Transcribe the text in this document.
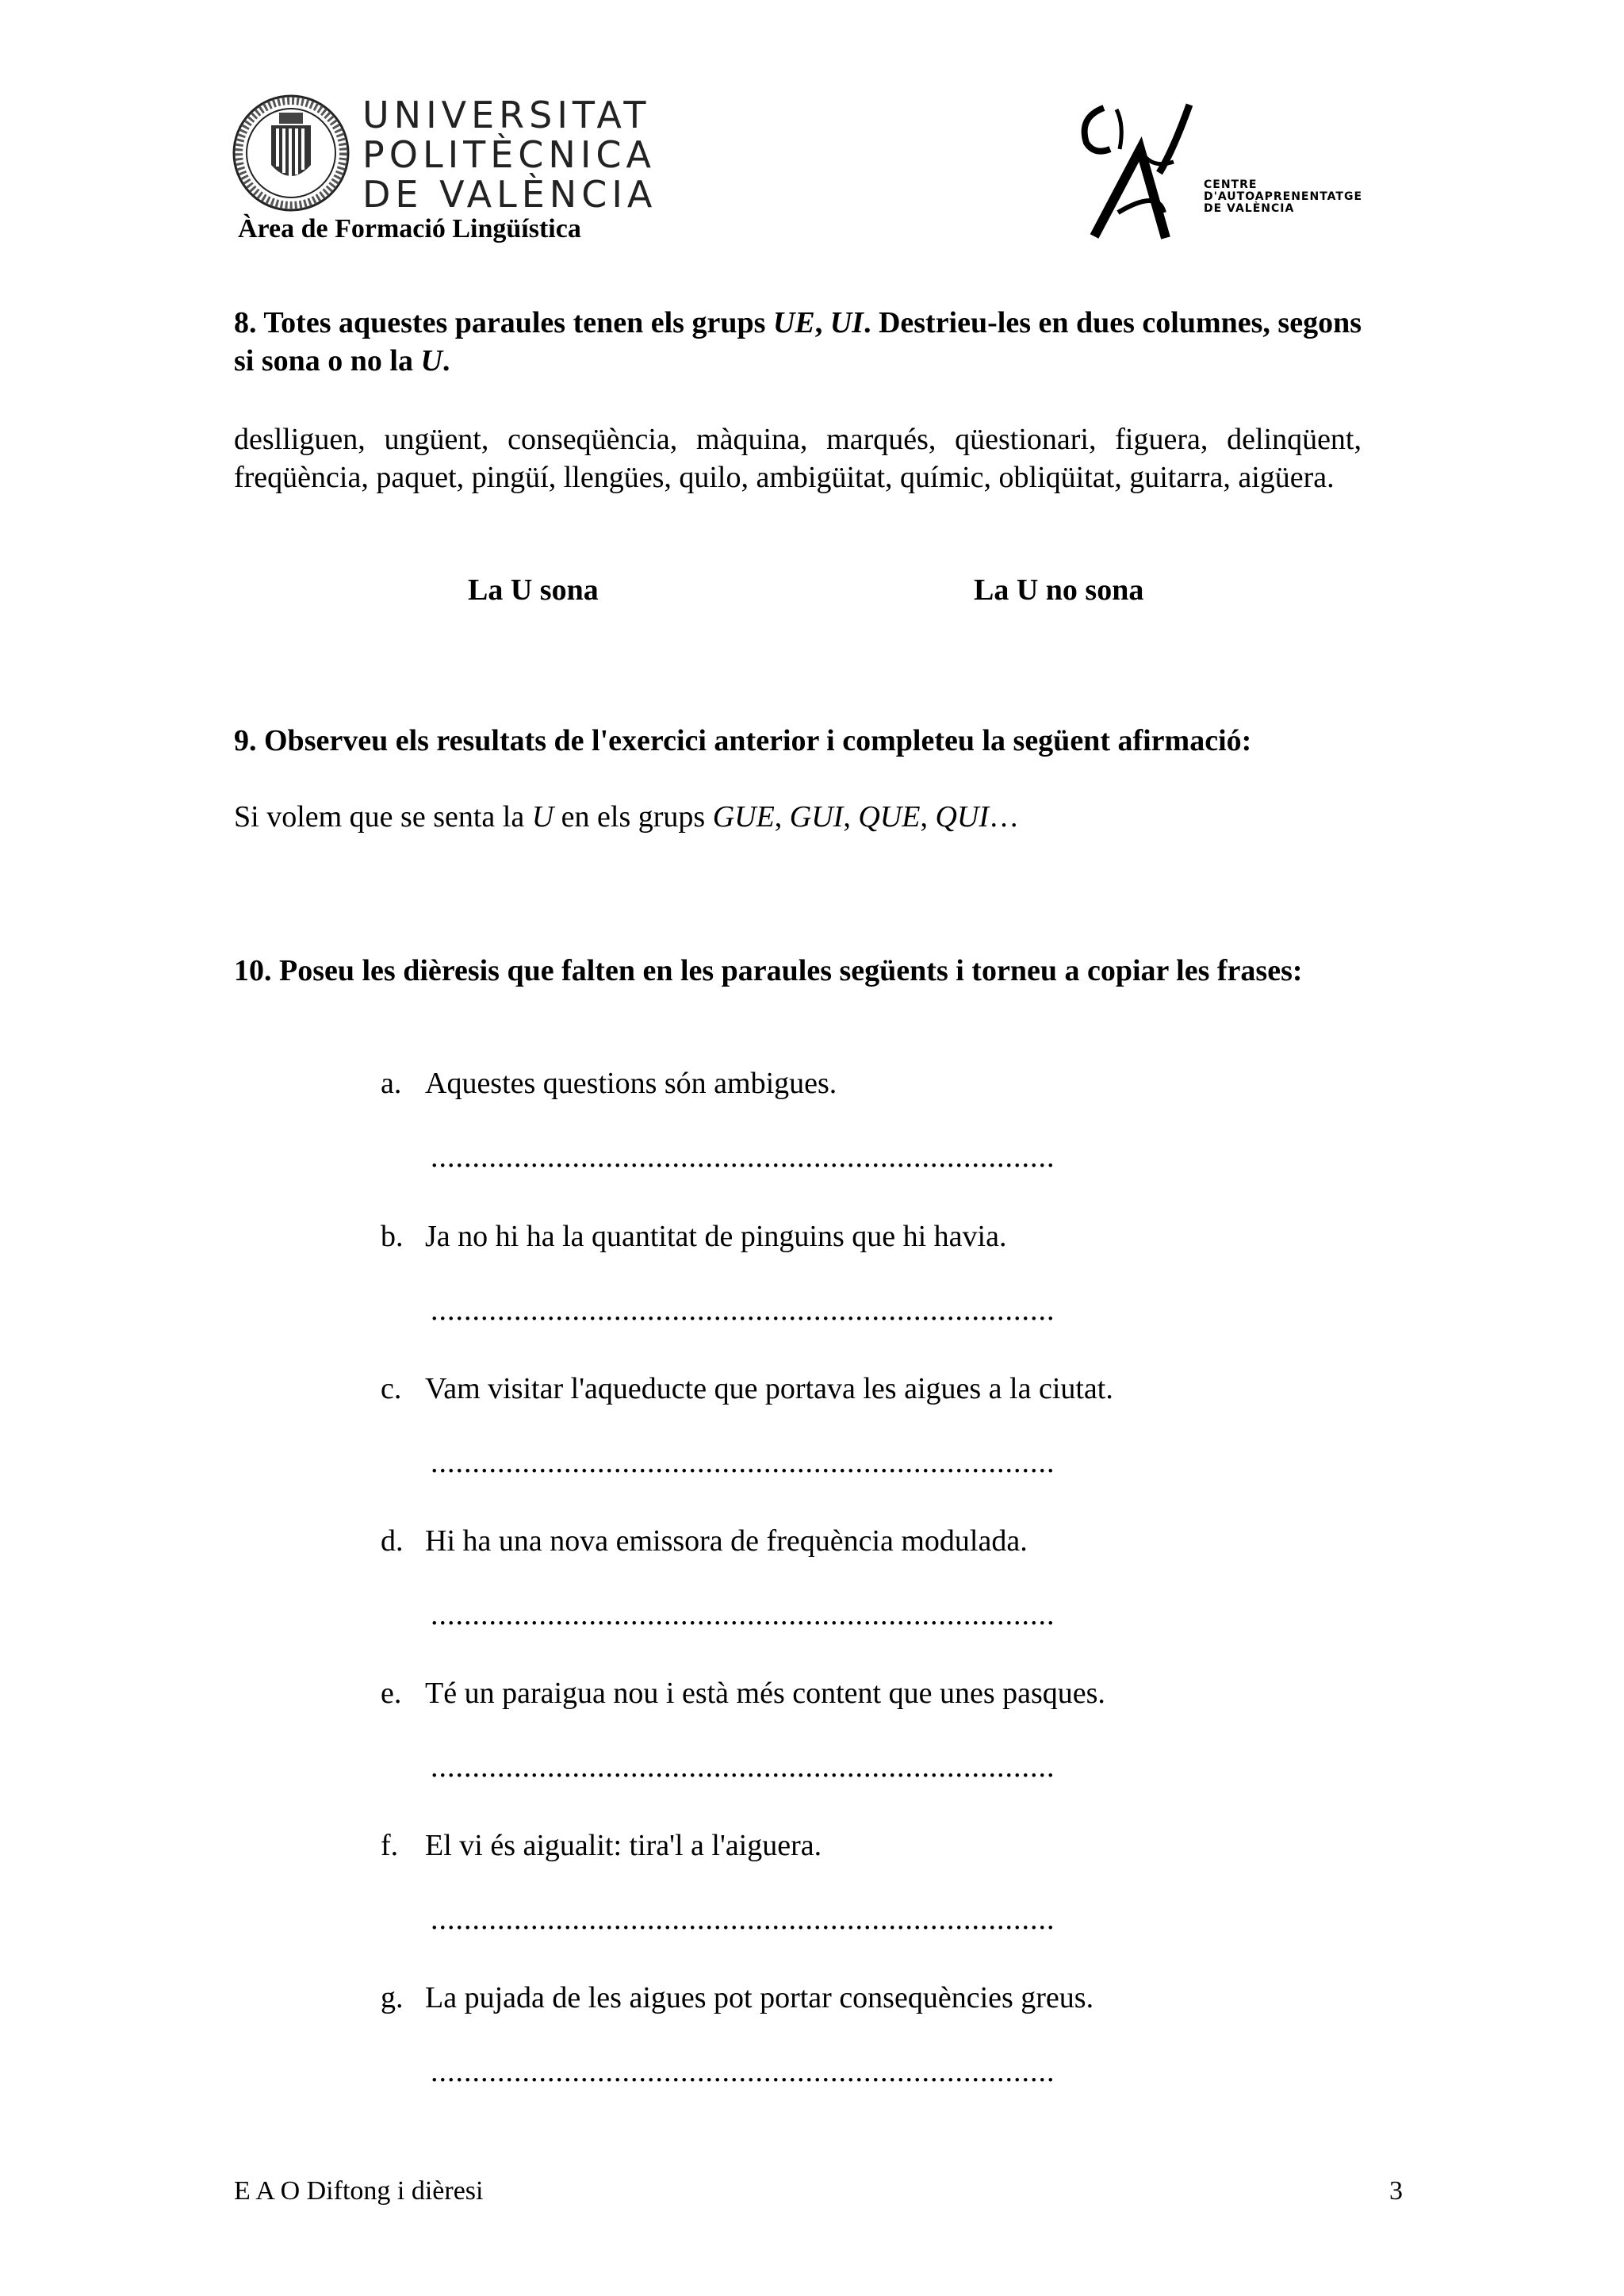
UNIVERSITAT
POLITÈCNICA
DE VALÈNCIA
Àrea de Formació Lingüística
CENTRE
D'AUTOAPRENENTATGE
DE VALÈNCIA
8. Totes aquestes paraules tenen els grups UE, UI. Destrieu-les en dues columnes, segons si sona o no la U.
deslliguen, ungüent, conseqüència, màquina, marqués, qüestionari, figuera, delinqüent, freqüència, paquet, pingüí, llengües, quilo, ambigüitat, químic, obliqüitat, guitarra, aigüera.
La U sona	La U no sona
9. Observeu els resultats de l'exercici anterior i completeu la següent afirmació:
Si volem que se senta la U en els grups GUE, GUI, QUE, QUI…
10. Poseu les dièresis que falten en les paraules següents i torneu a copiar les frases:
a. Aquestes questions són ambigues.
...........................................................................
b. Ja no hi ha la quantitat de pinguins que hi havia.
...........................................................................
c. Vam visitar l'aqueducte que portava les aigues a la ciutat.
...........................................................................
d. Hi ha una nova emissora de frequència modulada.
...........................................................................
e. Té un paraigua nou i està més content que unes pasques.
...........................................................................
f. El vi és aigualit: tira'l a l'aiguera.
...........................................................................
g. La pujada de les aigues pot portar consequències greus.
...........................................................................
E A O Diftong i dièresi	3
